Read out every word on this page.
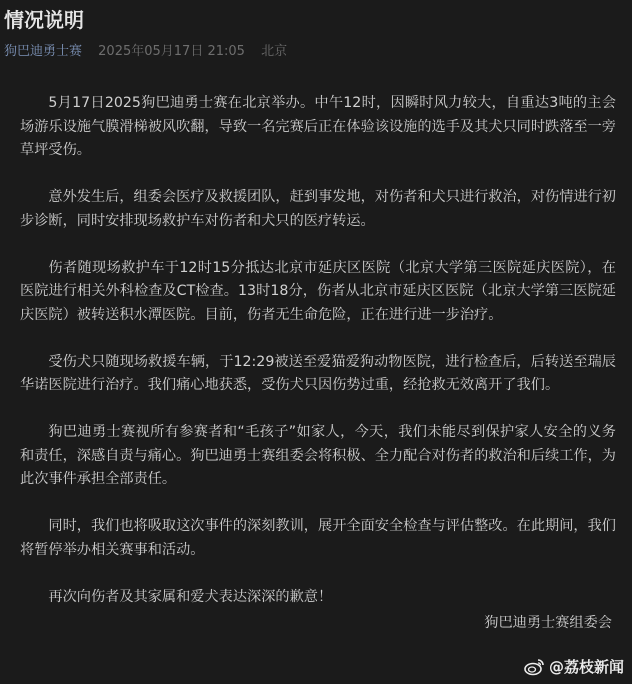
情况说明
狗巴迪勇士赛 2025年05月17日 21:05 北京

5月17日2025狗巴迪勇士赛在北京举办。中午12时，因瞬时风力较大，自重达3吨的主会场游乐设施气膜滑梯被风吹翻，导致一名完赛后正在体验该设施的选手及其犬只同时跌落至一旁草坪受伤。

意外发生后，组委会医疗及救援团队，赶到事发地，对伤者和犬只进行救治，对伤情进行初步诊断，同时安排现场救护车对伤者和犬只的医疗转运。

伤者随现场救护车于12时15分抵达北京市延庆区医院（北京大学第三医院延庆医院），在医院进行相关外科检查及CT检查。13时18分，伤者从北京市延庆区医院（北京大学第三医院延庆医院）被转送积水潭医院。目前，伤者无生命危险，正在进行进一步治疗。

受伤犬只随现场救援车辆，于12:29被送至爱猫爱狗动物医院，进行检查后，后转送至瑞辰华诺医院进行治疗。我们痛心地获悉，受伤犬只因伤势过重，经抢救无效离开了我们。

狗巴迪勇士赛视所有参赛者和“毛孩子”如家人，今天，我们未能尽到保护家人安全的义务和责任，深感自责与痛心。狗巴迪勇士赛组委会将积极、全力配合对伤者的救治和后续工作，为此次事件承担全部责任。

同时，我们也将吸取这次事件的深刻教训，展开全面安全检查与评估整改。在此期间，我们将暂停举办相关赛事和活动。

再次向伤者及其家属和爱犬表达深深的歉意！

狗巴迪勇士赛组委会
@荔枝新闻
